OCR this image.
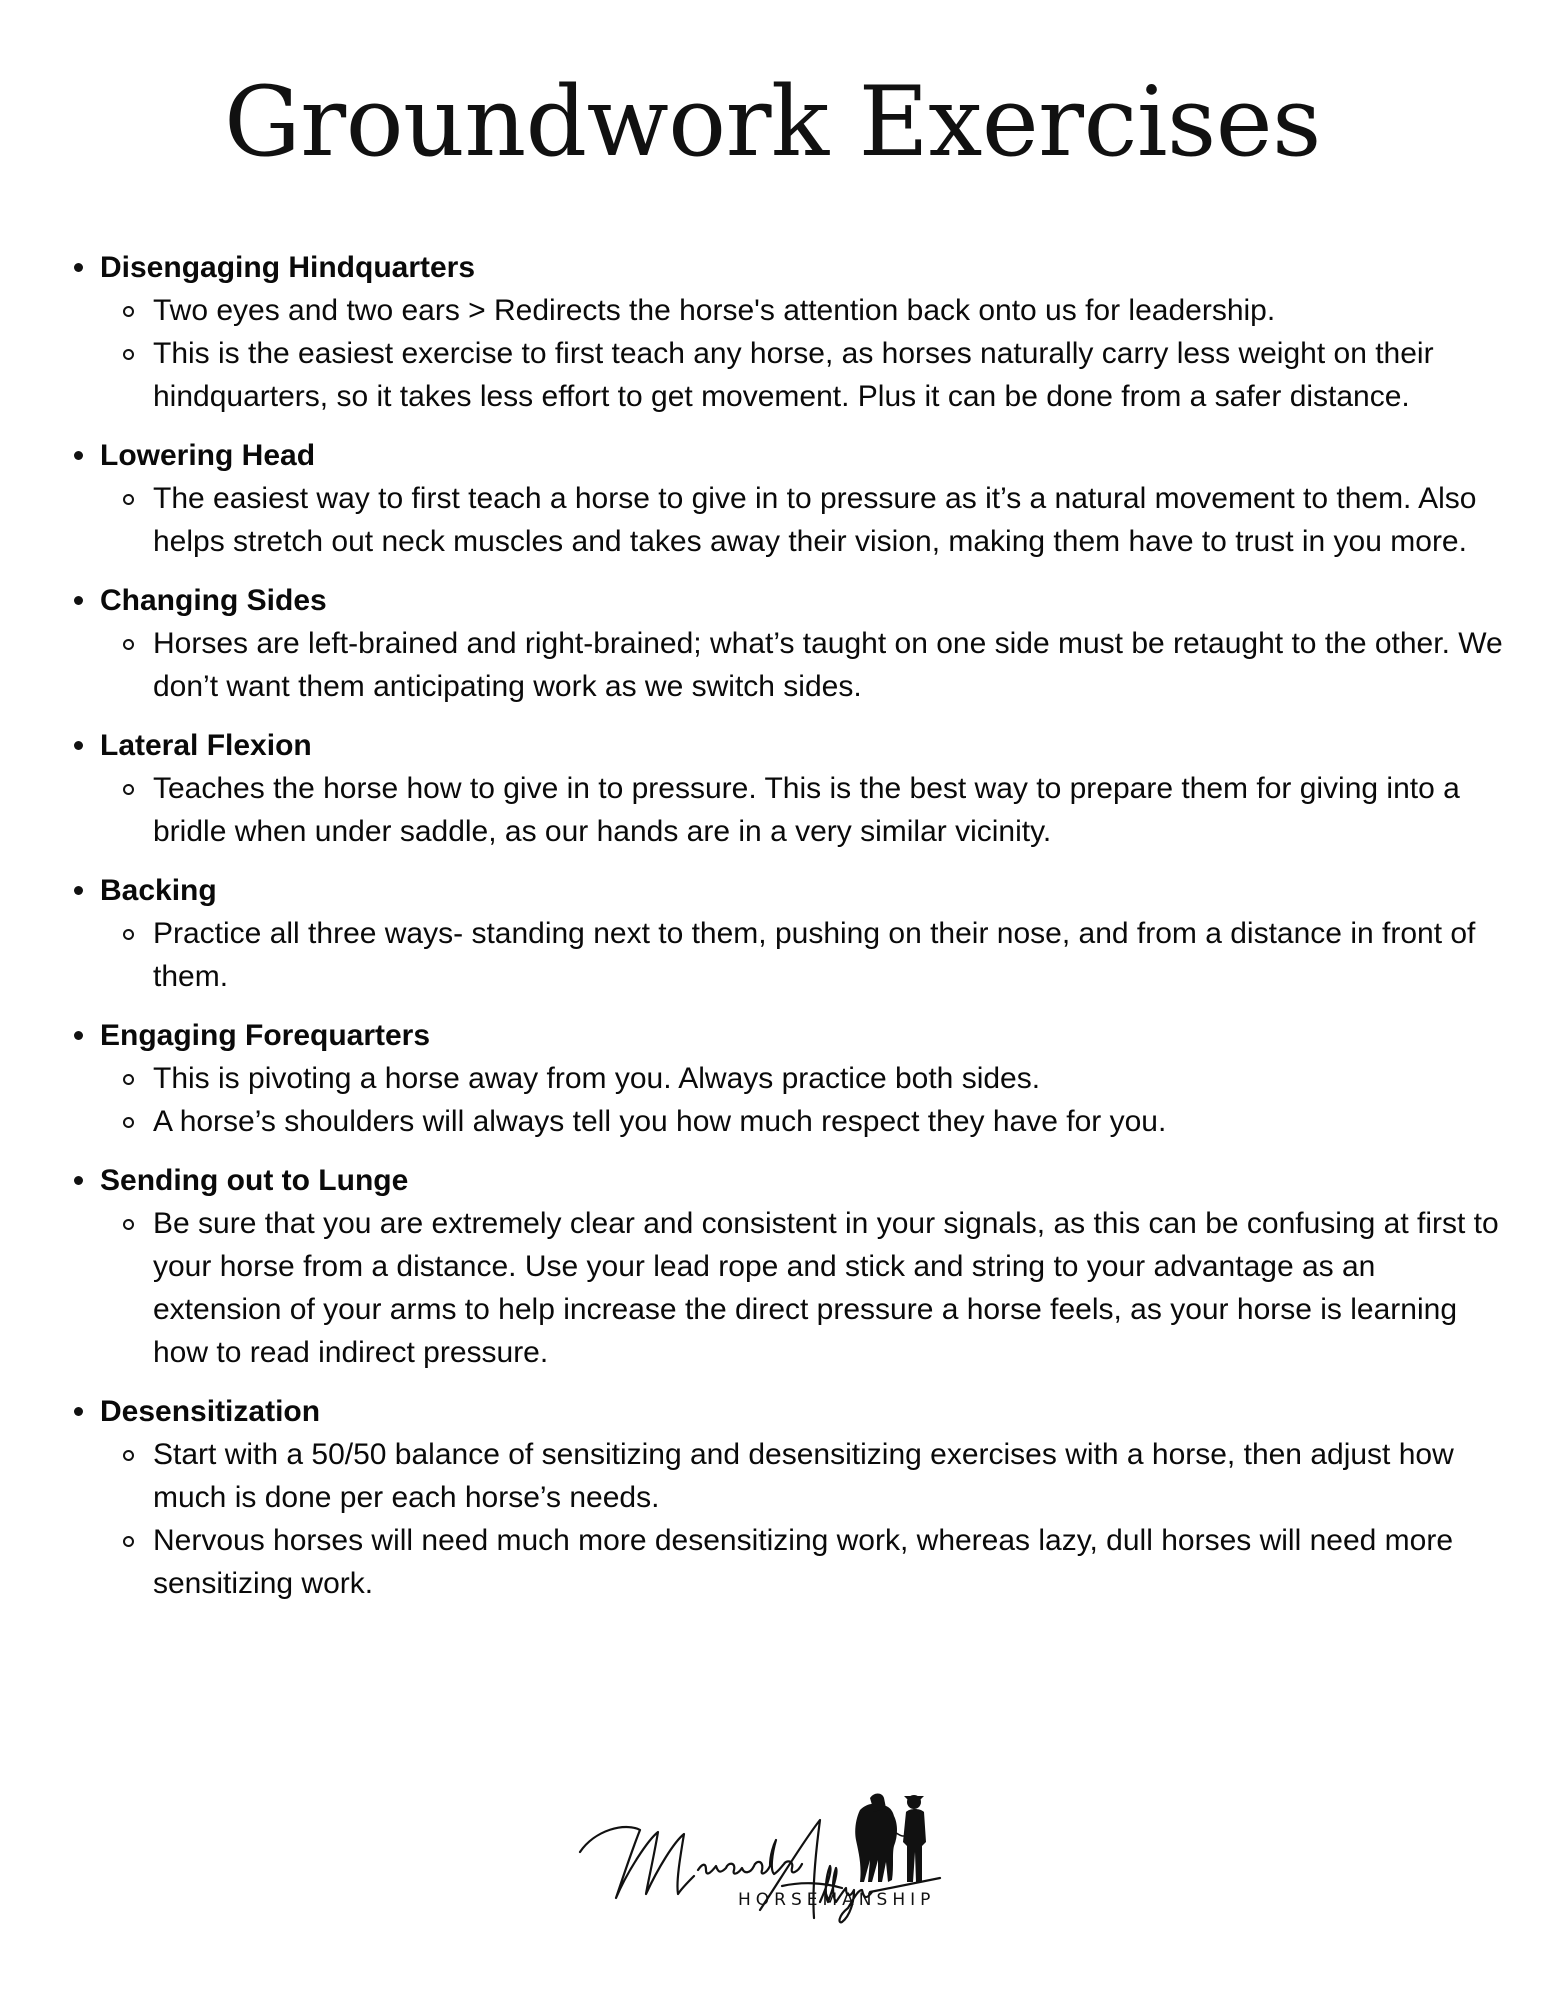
Groundwork Exercises
Disengaging Hindquarters
Two eyes and two ears > Redirects the horse's attention back onto us for leadership.
This is the easiest exercise to first teach any horse, as horses naturally carry less weight on their hindquarters, so it takes less effort to get movement. Plus it can be done from a safer distance.
Lowering Head
The easiest way to first teach a horse to give in to pressure as it’s a natural movement to them. Also helps stretch out neck muscles and takes away their vision, making them have to trust in you more.
Changing Sides
Horses are left-brained and right-brained; what’s taught on one side must be retaught to the other. We don’t want them anticipating work as we switch sides.
Lateral Flexion
Teaches the horse how to give in to pressure. This is the best way to prepare them for giving into a bridle when under saddle, as our hands are in a very similar vicinity.
Backing
Practice all three ways- standing next to them, pushing on their nose, and from a distance in front of them.
Engaging Forequarters
This is pivoting a horse away from you. Always practice both sides.
A horse’s shoulders will always tell you how much respect they have for you.
Sending out to Lunge
Be sure that you are extremely clear and consistent in your signals, as this can be confusing at first to your horse from a distance. Use your lead rope and stick and string to your advantage as an extension of your arms to help increase the direct pressure a horse feels, as your horse is learning how to read indirect pressure.
Desensitization
Start with a 50/50 balance of sensitizing and desensitizing exercises with a horse, then adjust how much is done per each horse’s needs.
Nervous horses will need much more desensitizing work, whereas lazy, dull horses will need more sensitizing work.
.
HORSEMANSHIP
